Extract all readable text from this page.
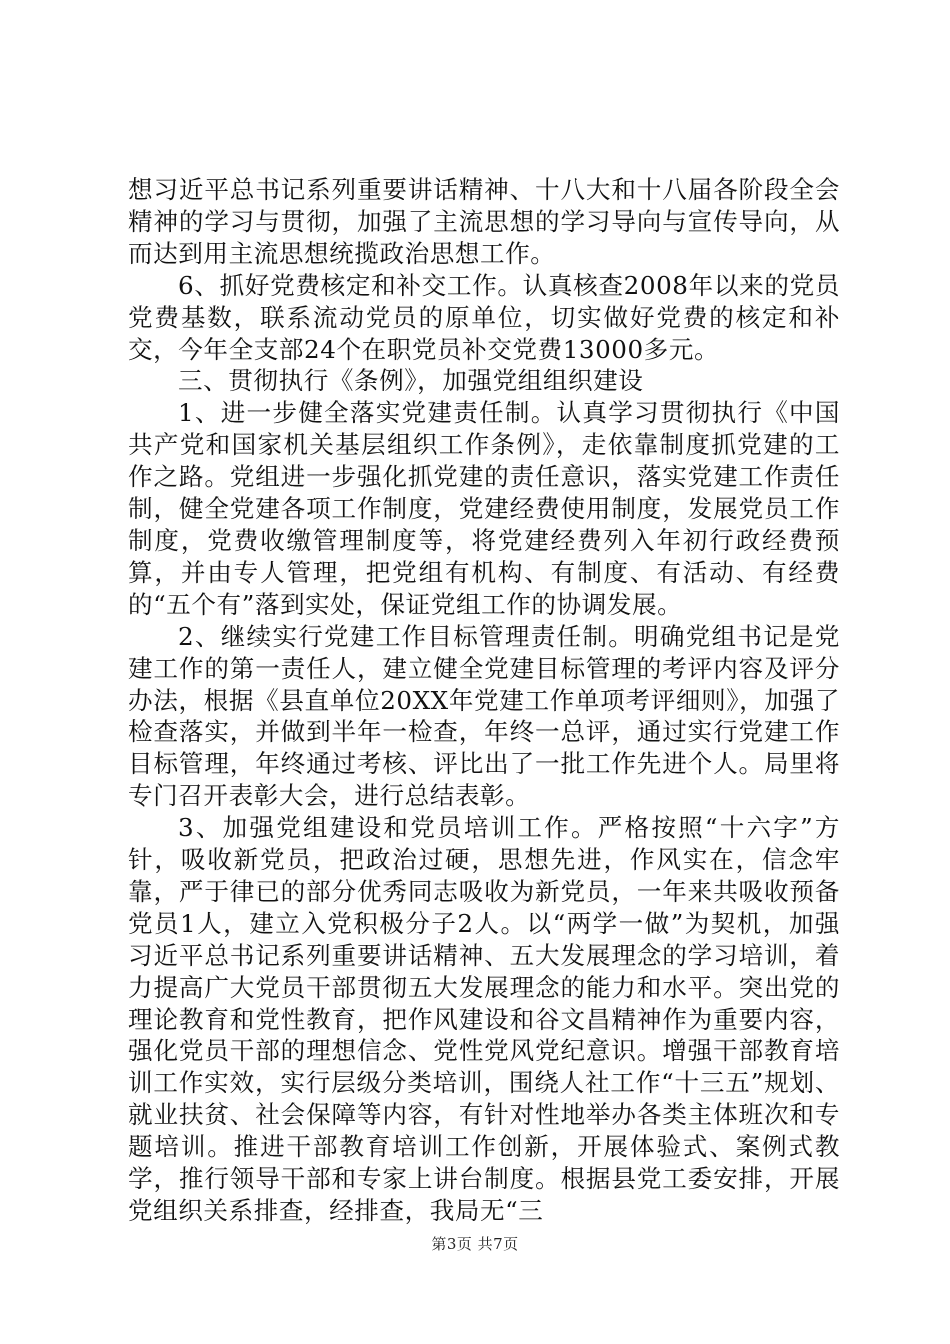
想习近平总书记系列重要讲话精神、十八大和十八届各阶段全会精神的学习与贯彻，加强了主流思想的学习导向与宣传导向，从而达到用主流思想统揽政治思想工作。

6、抓好党费核定和补交工作。认真核查2008年以来的党员党费基数，联系流动党员的原单位，切实做好党费的核定和补交，今年全支部24个在职党员补交党费13000多元。

三、贯彻执行《条例》，加强党组组织建设

1、进一步健全落实党建责任制。认真学习贯彻执行《中国共产党和国家机关基层组织工作条例》，走依靠制度抓党建的工作之路。党组进一步强化抓党建的责任意识，落实党建工作责任制，健全党建各项工作制度，党建经费使用制度，发展党员工作制度，党费收缴管理制度等，将党建经费列入年初行政经费预算，并由专人管理，把党组有机构、有制度、有活动、有经费的“五个有”落到实处，保证党组工作的协调发展。

2、继续实行党建工作目标管理责任制。明确党组书记是党建工作的第一责任人，建立健全党建目标管理的考评内容及评分办法，根据《县直单位20XX年党建工作单项考评细则》，加强了检查落实，并做到半年一检查，年终一总评，通过实行党建工作目标管理，年终通过考核、评比出了一批工作先进个人。局里将专门召开表彰大会，进行总结表彰。

3、加强党组建设和党员培训工作。严格按照“十六字”方针，吸收新党员，把政治过硬，思想先进，作风实在，信念牢靠，严于律已的部分优秀同志吸收为新党员，一年来共吸收预备党员1人，建立入党积极分子2人。以“两学一做”为契机，加强习近平总书记系列重要讲话精神、五大发展理念的学习培训，着力提高广大党员干部贯彻五大发展理念的能力和水平。突出党的理论教育和党性教育，把作风建设和谷文昌精神作为重要内容，强化党员干部的理想信念、党性党风党纪意识。增强干部教育培训工作实效，实行层级分类培训，围绕人社工作“十三五”规划、就业扶贫、社会保障等内容，有针对性地举办各类主体班次和专题培训。推进干部教育培训工作创新，开展体验式、案例式教学，推行领导干部和专家上讲台制度。根据县党工委安排，开展党组织关系排查，经排查，我局无“三

第3页 共7页
